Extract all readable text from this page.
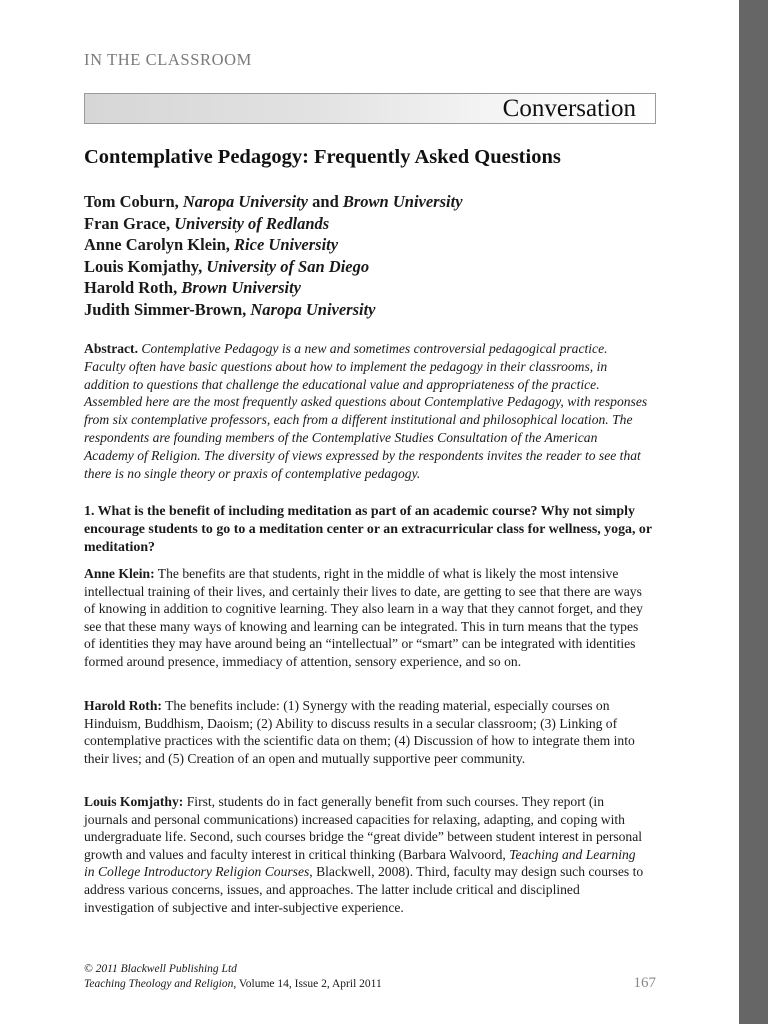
IN THE CLASSROOM
Conversation
Contemplative Pedagogy: Frequently Asked Questions
Tom Coburn, Naropa University and Brown University
Fran Grace, University of Redlands
Anne Carolyn Klein, Rice University
Louis Komjathy, University of San Diego
Harold Roth, Brown University
Judith Simmer-Brown, Naropa University
Abstract. Contemplative Pedagogy is a new and sometimes controversial pedagogical practice. Faculty often have basic questions about how to implement the pedagogy in their classrooms, in addition to questions that challenge the educational value and appropriateness of the practice. Assembled here are the most frequently asked questions about Contemplative Pedagogy, with responses from six contemplative professors, each from a different institutional and philosophical location. The respondents are founding members of the Contemplative Studies Consultation of the American Academy of Religion. The diversity of views expressed by the respondents invites the reader to see that there is no single theory or praxis of contemplative pedagogy.
1. What is the benefit of including meditation as part of an academic course? Why not simply encourage students to go to a meditation center or an extracurricular class for wellness, yoga, or meditation?
Anne Klein: The benefits are that students, right in the middle of what is likely the most intensive intellectual training of their lives, and certainly their lives to date, are getting to see that there are ways of knowing in addition to cognitive learning. They also learn in a way that they cannot forget, and they see that these many ways of knowing and learning can be integrated. This in turn means that the types of identities they may have around being an “intellectual” or “smart” can be integrated with identities formed around presence, immediacy of attention, sensory experience, and so on.
Harold Roth: The benefits include: (1) Synergy with the reading material, especially courses on Hinduism, Buddhism, Daoism; (2) Ability to discuss results in a secular classroom; (3) Linking of contemplative practices with the scientific data on them; (4) Discussion of how to integrate them into their lives; and (5) Creation of an open and mutually supportive peer community.
Louis Komjathy: First, students do in fact generally benefit from such courses. They report (in journals and personal communications) increased capacities for relaxing, adapting, and coping with undergraduate life. Second, such courses bridge the “great divide” between student interest in personal growth and values and faculty interest in critical thinking (Barbara Walvoord, Teaching and Learning in College Introductory Religion Courses, Blackwell, 2008). Third, faculty may design such courses to address various concerns, issues, and approaches. The latter include critical and disciplined investigation of subjective and inter-subjective experience.
© 2011 Blackwell Publishing Ltd
Teaching Theology and Religion, Volume 14, Issue 2, April 2011	167
